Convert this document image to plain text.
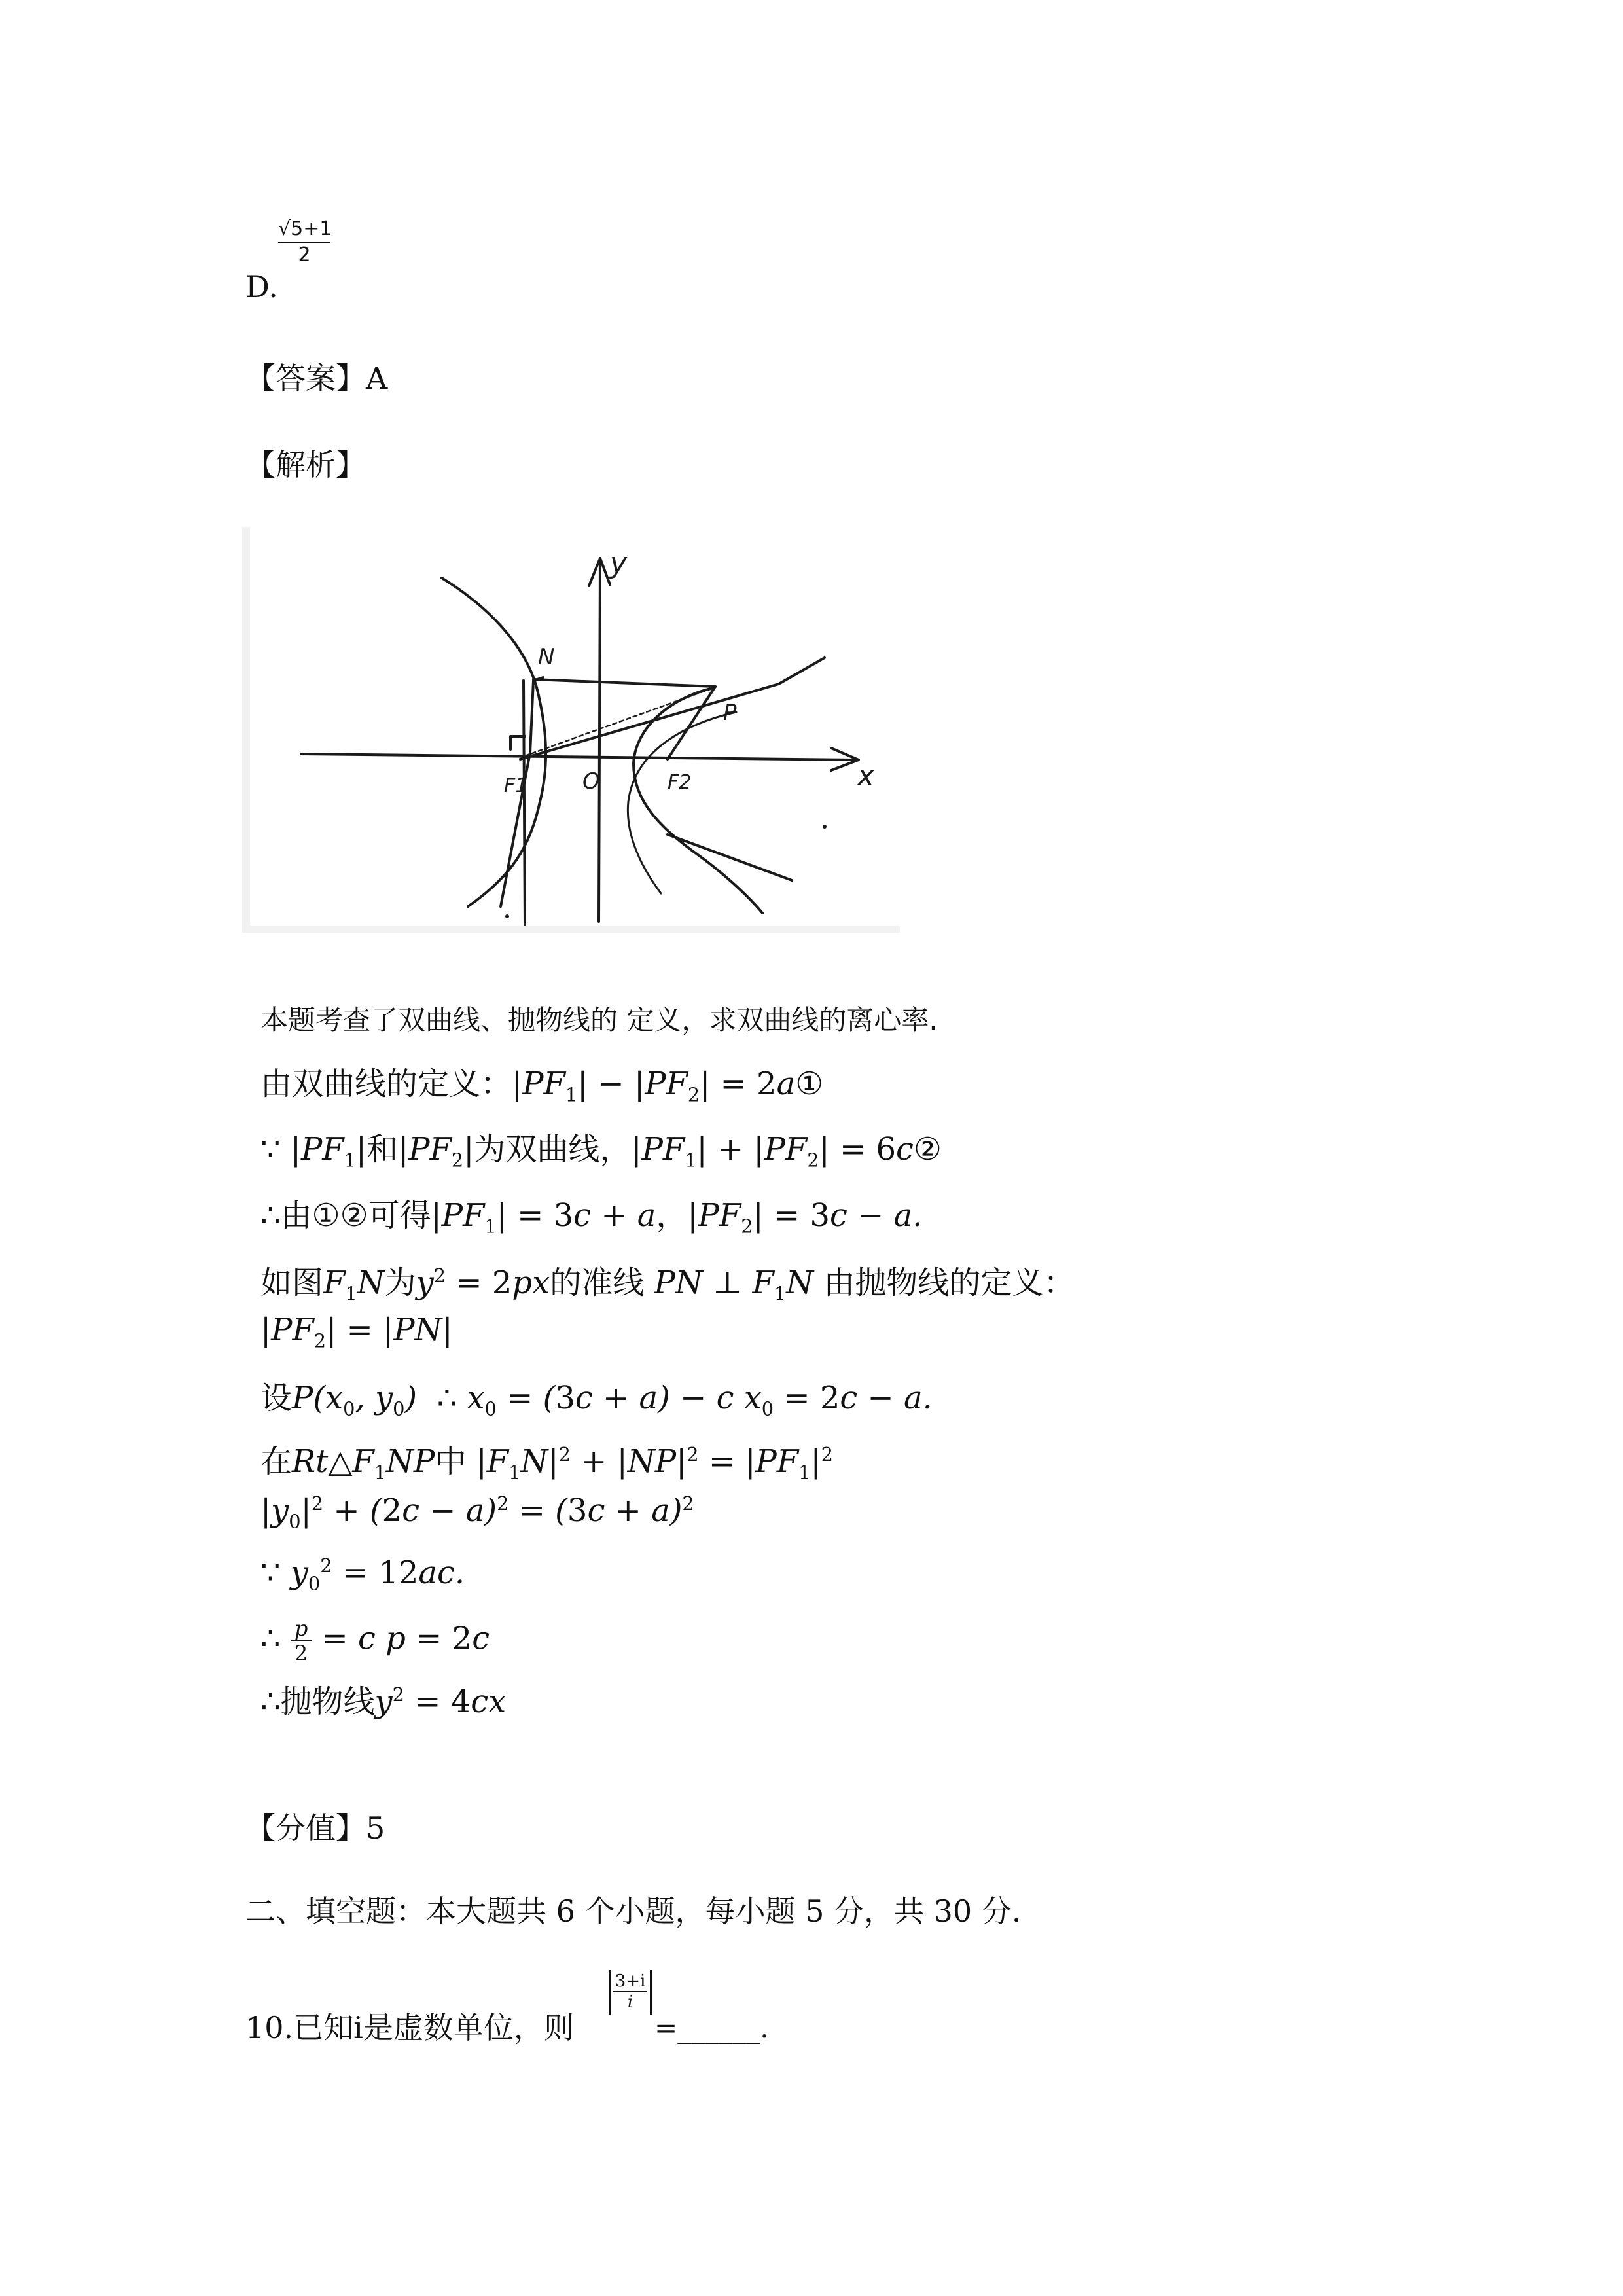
$\frac{√5+1}{2}$
D.
【答案】A
【解析】
N
P
F1	F2
O	x
y
本题考查了双曲线、抛物线的 定义，求双曲线的离心率.
由双曲线的定义：$|PF_1| - |PF_2|$ = 2a①
∵ $|PF_1|$和$|PF_2|$为双曲线，$|PF_1| + |PF_2|$ = 6c②
∴由①②可得$|PF_1| = 3c + a$，$|PF_2| = 3c - a$.
如图$F_1N$为$y^2 = 2px$的准线 PN ⊥ $F_1N$ 由抛物线的定义：
$|PF_2| = |PN|$
设$P(x_0$, $y_0$) ∴ $x_0 = (3c + a) - c$ $x_0 = 2c - a$.
在$Rt\triangle F_1NP$中 $|F_1N|^2 + |NP|^2 = |PF_1|^2$
$|y_0|^2 + (2c - a)^2 = (3c + a)^2$
∵ $y_0^2 = 12ac$.
∴ $\frac{p}{2} = c$ p = 2c
∴抛物线$y^2 = 4cx$
【分值】5
二、填空题：本大题共 6 个小题，每小题 5 分，共 30 分.
10.已知i是虚数单位，则
$\frac{3+i}{i}$
=______.
